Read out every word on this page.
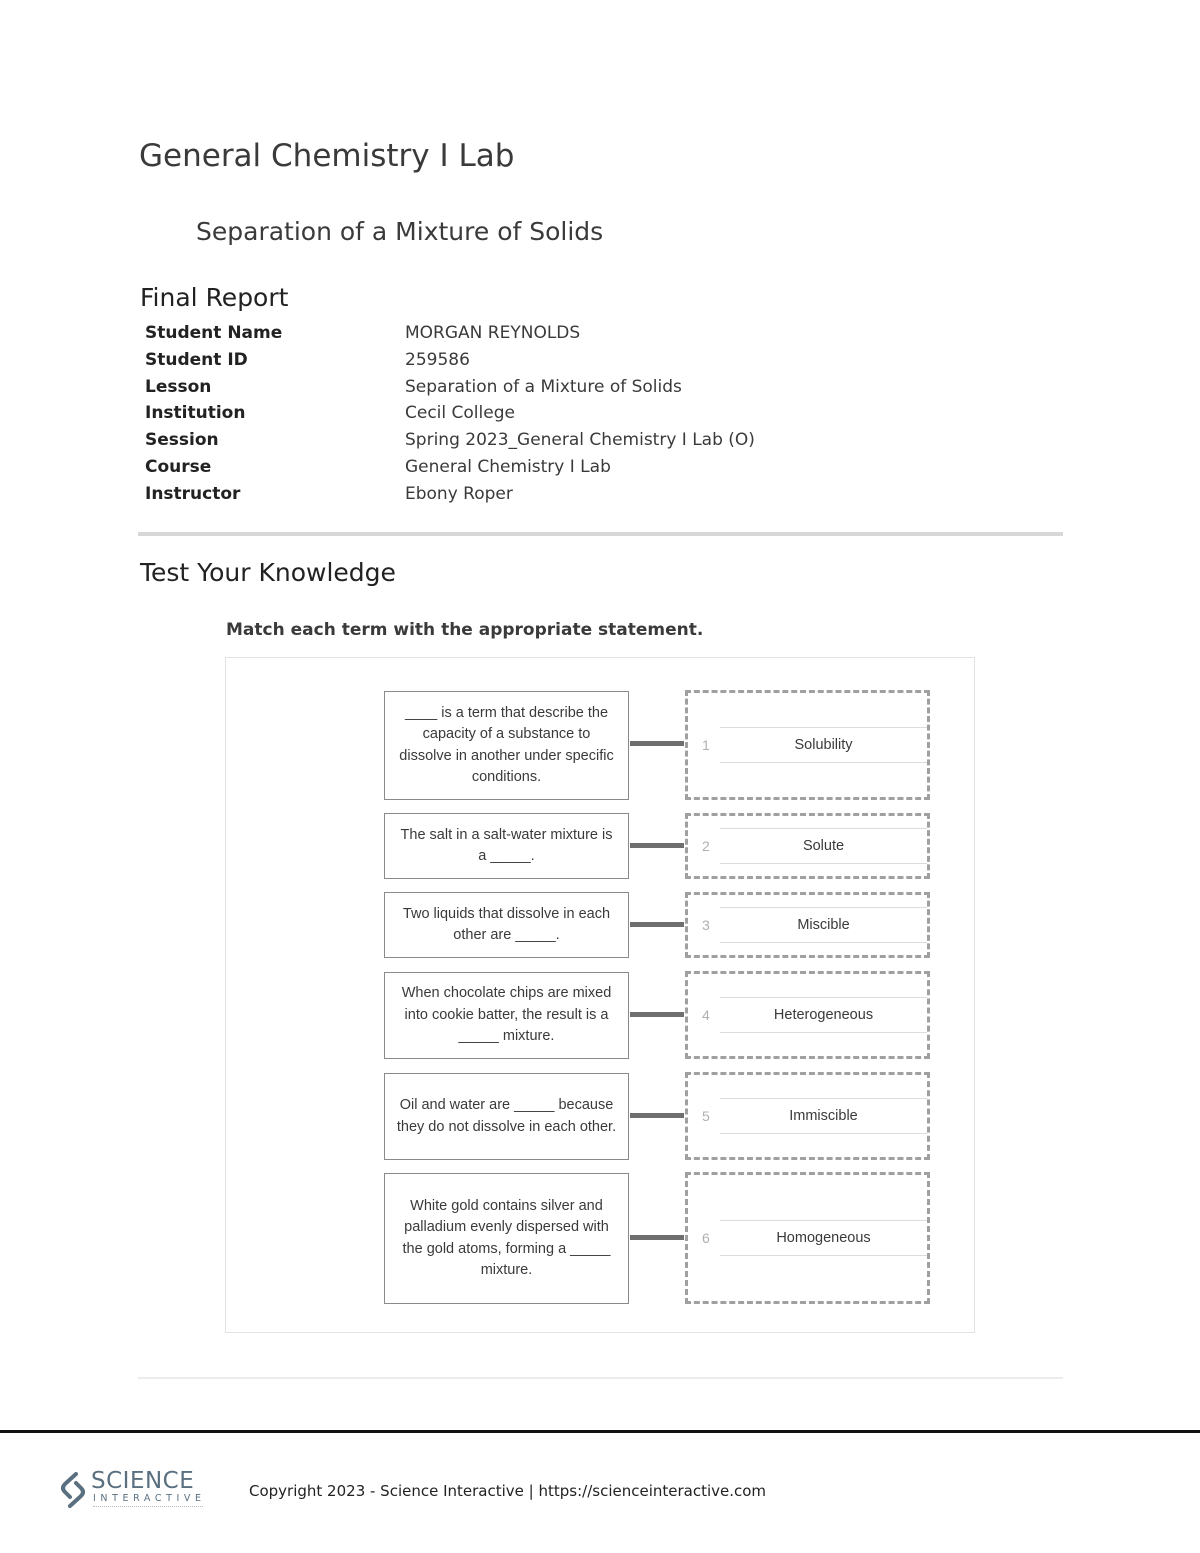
General Chemistry I Lab
Separation of a Mixture of Solids
Final Report
Student Name	MORGAN REYNOLDS
Student ID	259586
Lesson	Separation of a Mixture of Solids
Institution	Cecil College
Session	Spring 2023_General Chemistry I Lab (O)
Course	General Chemistry I Lab
Instructor	Ebony Roper
Test Your Knowledge

Match each term with the appropriate statement.

____ is a term that describe the capacity of a substance to dissolve in another under specific conditions.
1	Solubility
The salt in a salt-water mixture is a _____.
2	Solute
Two liquids that dissolve in each other are _____.
3	Miscible
When chocolate chips are mixed into cookie batter, the result is a _____ mixture.
4	Heterogeneous
Oil and water are _____ because they do not dissolve in each other.
5	Immiscible
White gold contains silver and palladium evenly dispersed with the gold atoms, forming a _____ mixture.
6	Homogeneous
SCIENCE
INTERACTIVE	Copyright 2023 - Science Interactive | https://scienceinteractive.com
